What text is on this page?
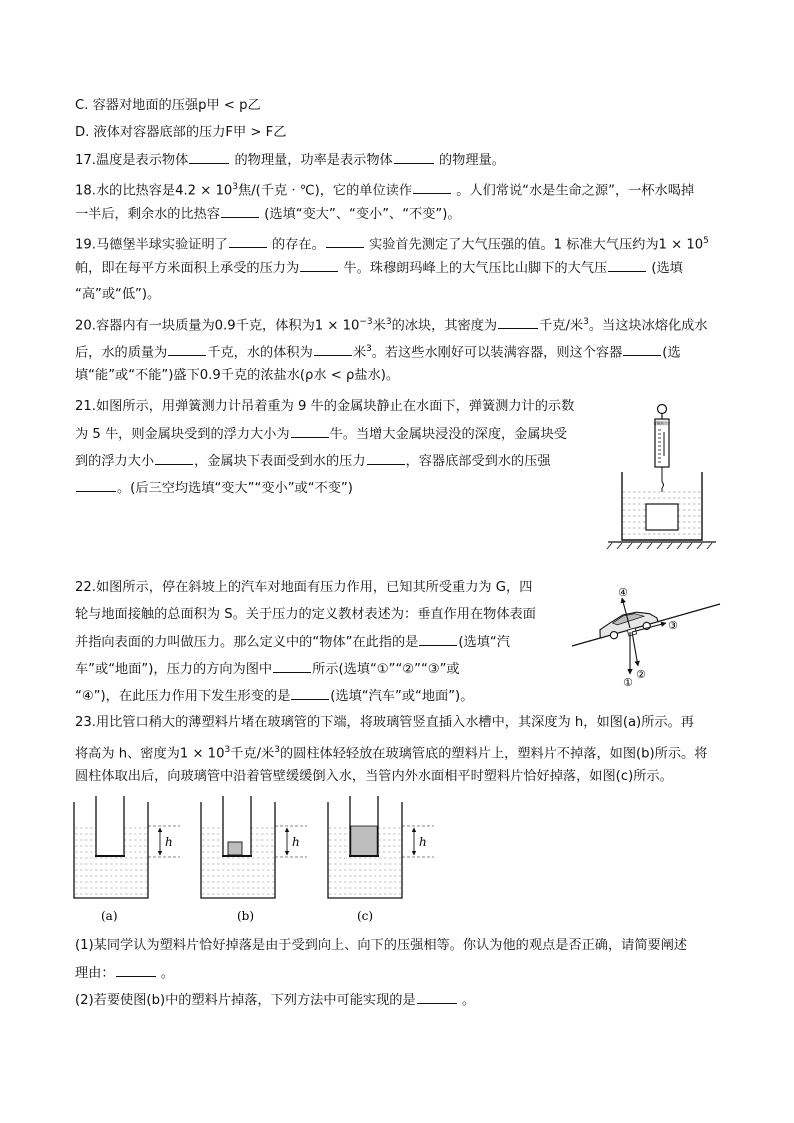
C. 容器对地面的压强p甲 < p乙
D. 液体对容器底部的压力F甲 > F乙
17.温度是表示物体	的物理量，功率是表示物体	的物理量。
18.水的比热容是$4.2 \times 10^3$焦/(千克 · ℃)，它的单位读作	。人们常说“水是生命之源”，一杯水喝掉
一半后，剩余水的比热容	(选填“变大”、“变小”、“不变”)。
19.马德堡半球实验证明了	的存在。	实验首先测定了大气压强的值。1 标准大气压约为$1 \times 10^5$
帕，即在每平方米面积上承受的压力为	牛。珠穆朗玛峰上的大气压比山脚下的大气压	(选填
“高”或“低”)。
20.容器内有一块质量为0.9千克，体积为$1 \times 10^{-3}$米$^3$的冰块，其密度为	千克/米$^3$。当这块冰熔化成水
后，水的质量为	千克，水的体积为	米$^3$。若这些水刚好可以装满容器，则这个容器	(选
填“能”或“不能”)盛下0.9千克的浓盐水(ρ水 < ρ盐水)。
21.如图所示，用弹簧测力计吊着重为 9 牛的金属块静止在水面下，弹簧测力计的示数
为 5 牛，则金属块受到的浮力大小为	牛。当增大金属块浸没的深度，金属块受
到的浮力大小	，金属块下表面受到水的压力	，容器底部受到水的压强
。(后三空均选填“变大”“变小”或“不变”)
弹簧测力计
22.如图所示，停在斜坡上的汽车对地面有压力作用，已知其所受重力为 G，四
轮与地面接触的总面积为 S。关于压力的定义教材表述为：垂直作用在物体表面
并指向表面的力叫做压力。那么定义中的“物体”在此指的是	(选填“汽
车”或“地面”)，压力的方向为图中	所示(选填“①”“②”“③”或
“④”)，在此压力作用下发生形变的是	(选填“汽车”或“地面”)。
④
③
①
②
23.用比管口稍大的薄塑料片堵在玻璃管的下端，将玻璃管竖直插入水槽中，其深度为 h，如图(a)所示。再
将高为 h、密度为$1 \times 10^3$千克/米$^3$的圆柱体轻轻放在玻璃管底的塑料片上，塑料片不掉落，如图(b)所示。将
圆柱体取出后，向玻璃管中沿着管壁缓缓倒入水，当管内外水面相平时塑料片恰好掉落，如图(c)所示。
h
(a)
h
(b)
h
(c)
(1)某同学认为塑料片恰好掉落是由于受到向上、向下的压强相等。你认为他的观点是否正确，请简要阐述
理由：	。
(2)若要使图(b)中的塑料片掉落，下列方法中可能实现的是	。
